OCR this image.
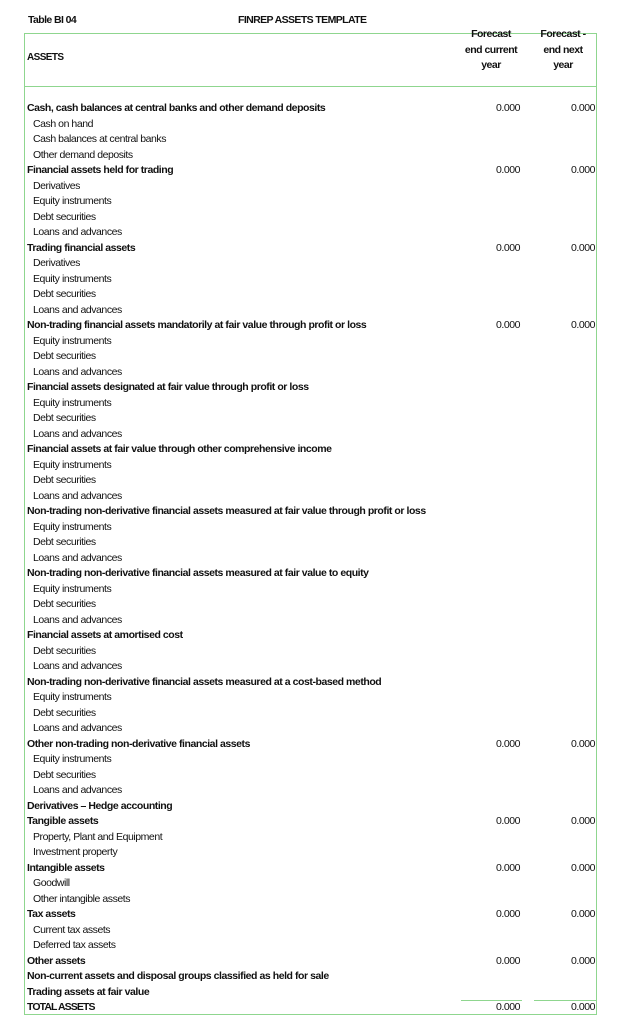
Table BI 04	FINREP ASSETS TEMPLATE
ASSETS
Forecast
end current
year
Forecast -
end next
year
Cash, cash balances at central banks and other demand deposits	0.000	0.000
Cash on hand
Cash balances at central banks
Other demand deposits
Financial assets held for trading	0.000	0.000
Derivatives
Equity instruments
Debt securities
Loans and advances
Trading financial assets	0.000	0.000
Derivatives
Equity instruments
Debt securities
Loans and advances
Non-trading financial assets mandatorily at fair value through profit or loss	0.000	0.000
Equity instruments
Debt securities
Loans and advances
Financial assets designated at fair value through profit or loss
Equity instruments
Debt securities
Loans and advances
Financial assets at fair value through other comprehensive income
Equity instruments
Debt securities
Loans and advances
Non-trading non-derivative financial assets measured at fair value through profit or loss
Equity instruments
Debt securities
Loans and advances
Non-trading non-derivative financial assets measured at fair value to equity
Equity instruments
Debt securities
Loans and advances
Financial assets at amortised cost
Debt securities
Loans and advances
Non-trading non-derivative financial assets measured at a cost-based method
Equity instruments
Debt securities
Loans and advances
Other non-trading non-derivative financial assets	0.000	0.000
Equity instruments
Debt securities
Loans and advances
Derivatives – Hedge accounting
Tangible assets	0.000	0.000
Property, Plant and Equipment
Investment property
Intangible assets	0.000	0.000
Goodwill
Other intangible assets
Tax assets	0.000	0.000
Current tax assets
Deferred tax assets
Other assets	0.000	0.000
Non-current assets and disposal groups classified as held for sale
Trading assets at fair value
TOTAL ASSETS	0.000	0.000
